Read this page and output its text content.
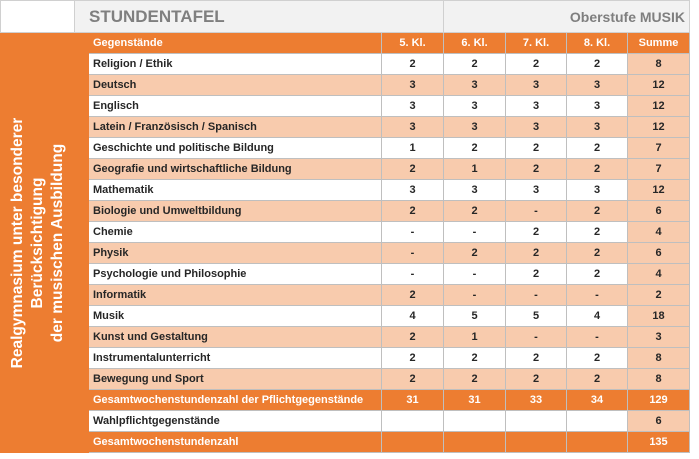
	STUNDENTAFEL			Oberstufe MUSIK			

Realgymnasium unter besonderer Berücksichtigung der musischen Ausbildung		Gegenstände	5. Kl.	6. Kl.	7. Kl.	8. Kl.	Summe
		Religion / Ethik	2	2	2	2	8
		Deutsch	3	3	3	3	12
		Englisch	3	3	3	3	12
		Latein / Französisch / Spanisch	3	3	3	3	12
		Geschichte und politische Bildung	1	2	2	2	7
		Geografie und wirtschaftliche Bildung	2	1	2	2	7
		Mathematik	3	3	3	3	12
		Biologie und Umweltbildung	2	2	-	2	6
		Chemie	-	-	2	2	4
		Physik	-	2	2	2	6
		Psychologie und Philosophie	-	-	2	2	4
		Informatik	2	-	-	-	2
		Musik	4	5	5	4	18
		Kunst und Gestaltung	2	1	-	-	3
		Instrumentalunterricht	2	2	2	2	8
		Bewegung und Sport	2	2	2	2	8
		Gesamtwochenstundenzahl der Pflichtgegenstände	31	31	33	34	129
		Wahlpflichtgegenstände					6
		Gesamtwochenstundenzahl					135
